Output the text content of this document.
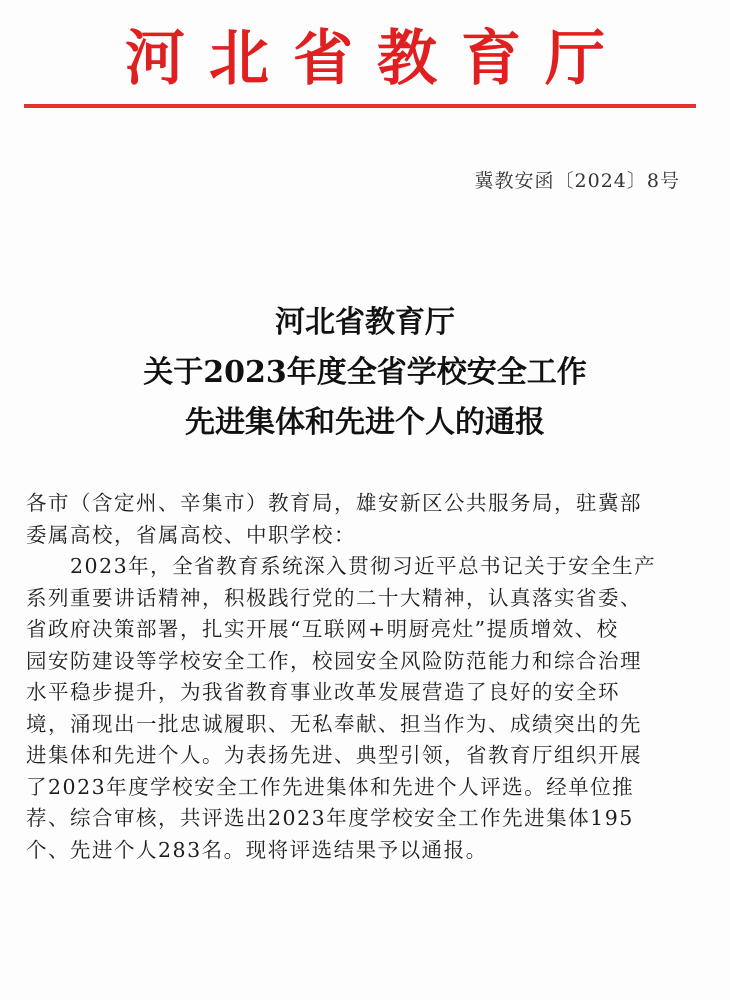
河北省教育厅
冀教安函〔2024〕8号
河北省教育厅
关于2023年度全省学校安全工作
先进集体和先进个人的通报
各市（含定州、辛集市）教育局，雄安新区公共服务局，驻冀部
委属高校，省属高校、中职学校：
　　2023年，全省教育系统深入贯彻习近平总书记关于安全生产
系列重要讲话精神，积极践行党的二十大精神，认真落实省委、
省政府决策部署，扎实开展“互联网+明厨亮灶”提质增效、校
园安防建设等学校安全工作，校园安全风险防范能力和综合治理
水平稳步提升，为我省教育事业改革发展营造了良好的安全环
境，涌现出一批忠诚履职、无私奉献、担当作为、成绩突出的先
进集体和先进个人。为表扬先进、典型引领，省教育厅组织开展
了2023年度学校安全工作先进集体和先进个人评选。经单位推
荐、综合审核，共评选出2023年度学校安全工作先进集体195
个、先进个人283名。现将评选结果予以通报。
